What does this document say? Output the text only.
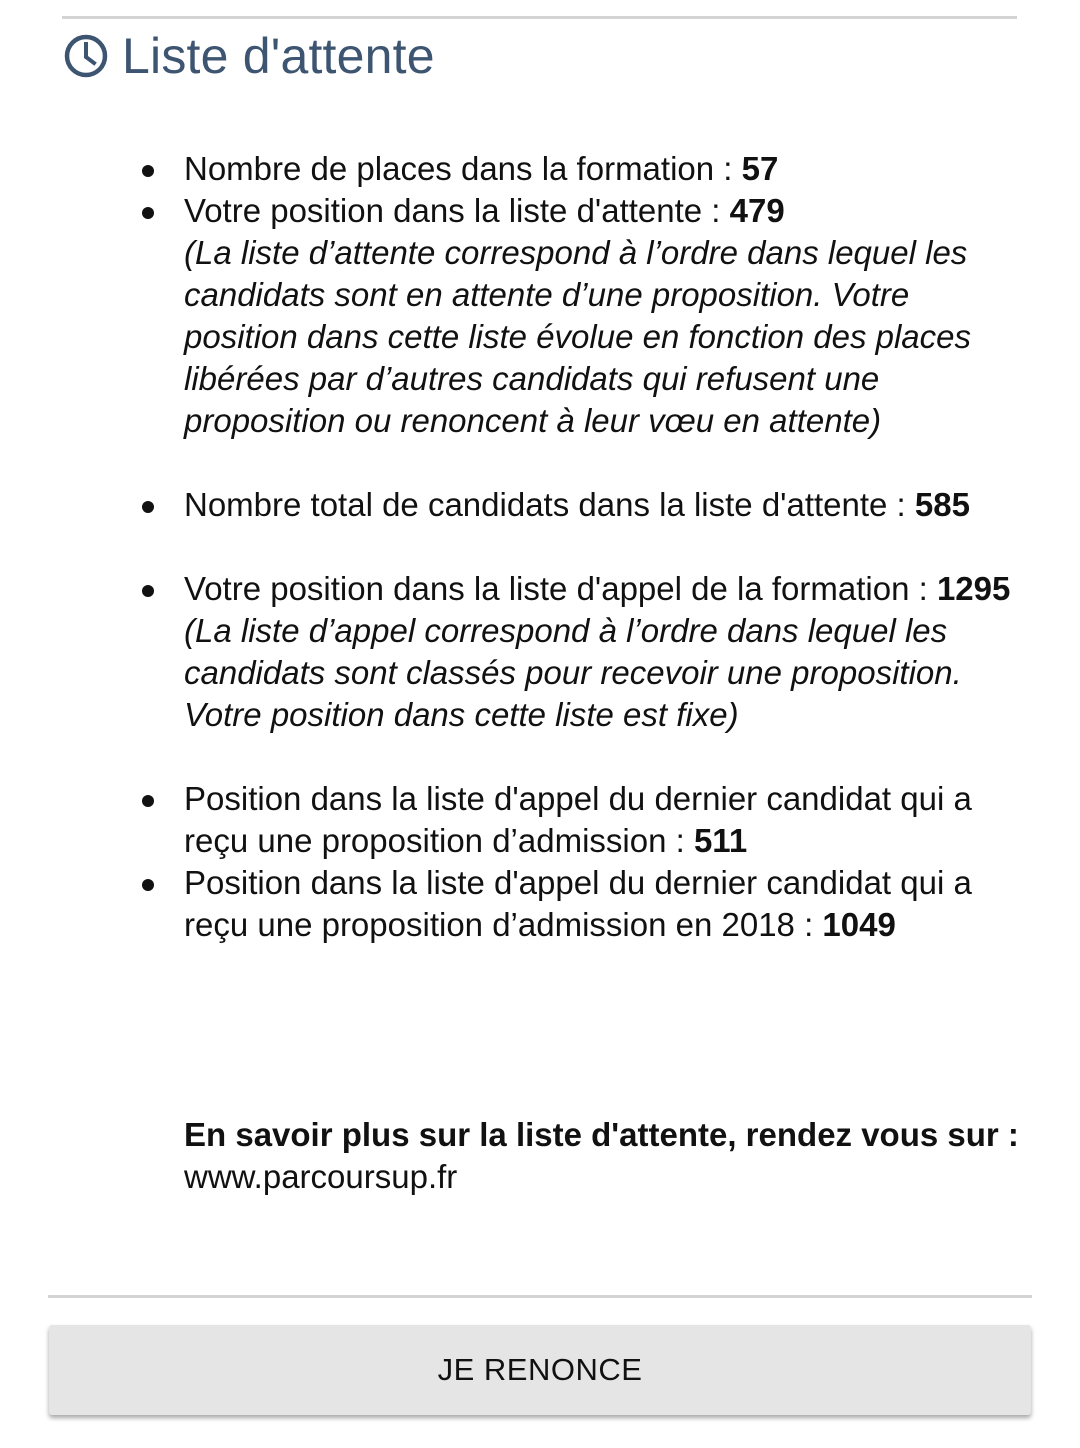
Liste d'attente
Nombre de places dans la formation : 57
Votre position dans la liste d'attente : 479
(La liste d’attente correspond à l’ordre dans lequel les candidats sont en attente d’une proposition. Votre position dans cette liste évolue en fonction des places libérées par d’autres candidats qui refusent une proposition ou renoncent à leur vœu en attente)
Nombre total de candidats dans la liste d'attente : 585
Votre position dans la liste d'appel de la formation : 1295
(La liste d’appel correspond à l’ordre dans lequel les candidats sont classés pour recevoir une proposition. Votre position dans cette liste est fixe)
Position dans la liste d'appel du dernier candidat qui a reçu une proposition d’admission : 511
Position dans la liste d'appel du dernier candidat qui a reçu une proposition d’admission en 2018 : 1049
En savoir plus sur la liste d'attente, rendez vous sur : www.parcoursup.fr
JE RENONCE
